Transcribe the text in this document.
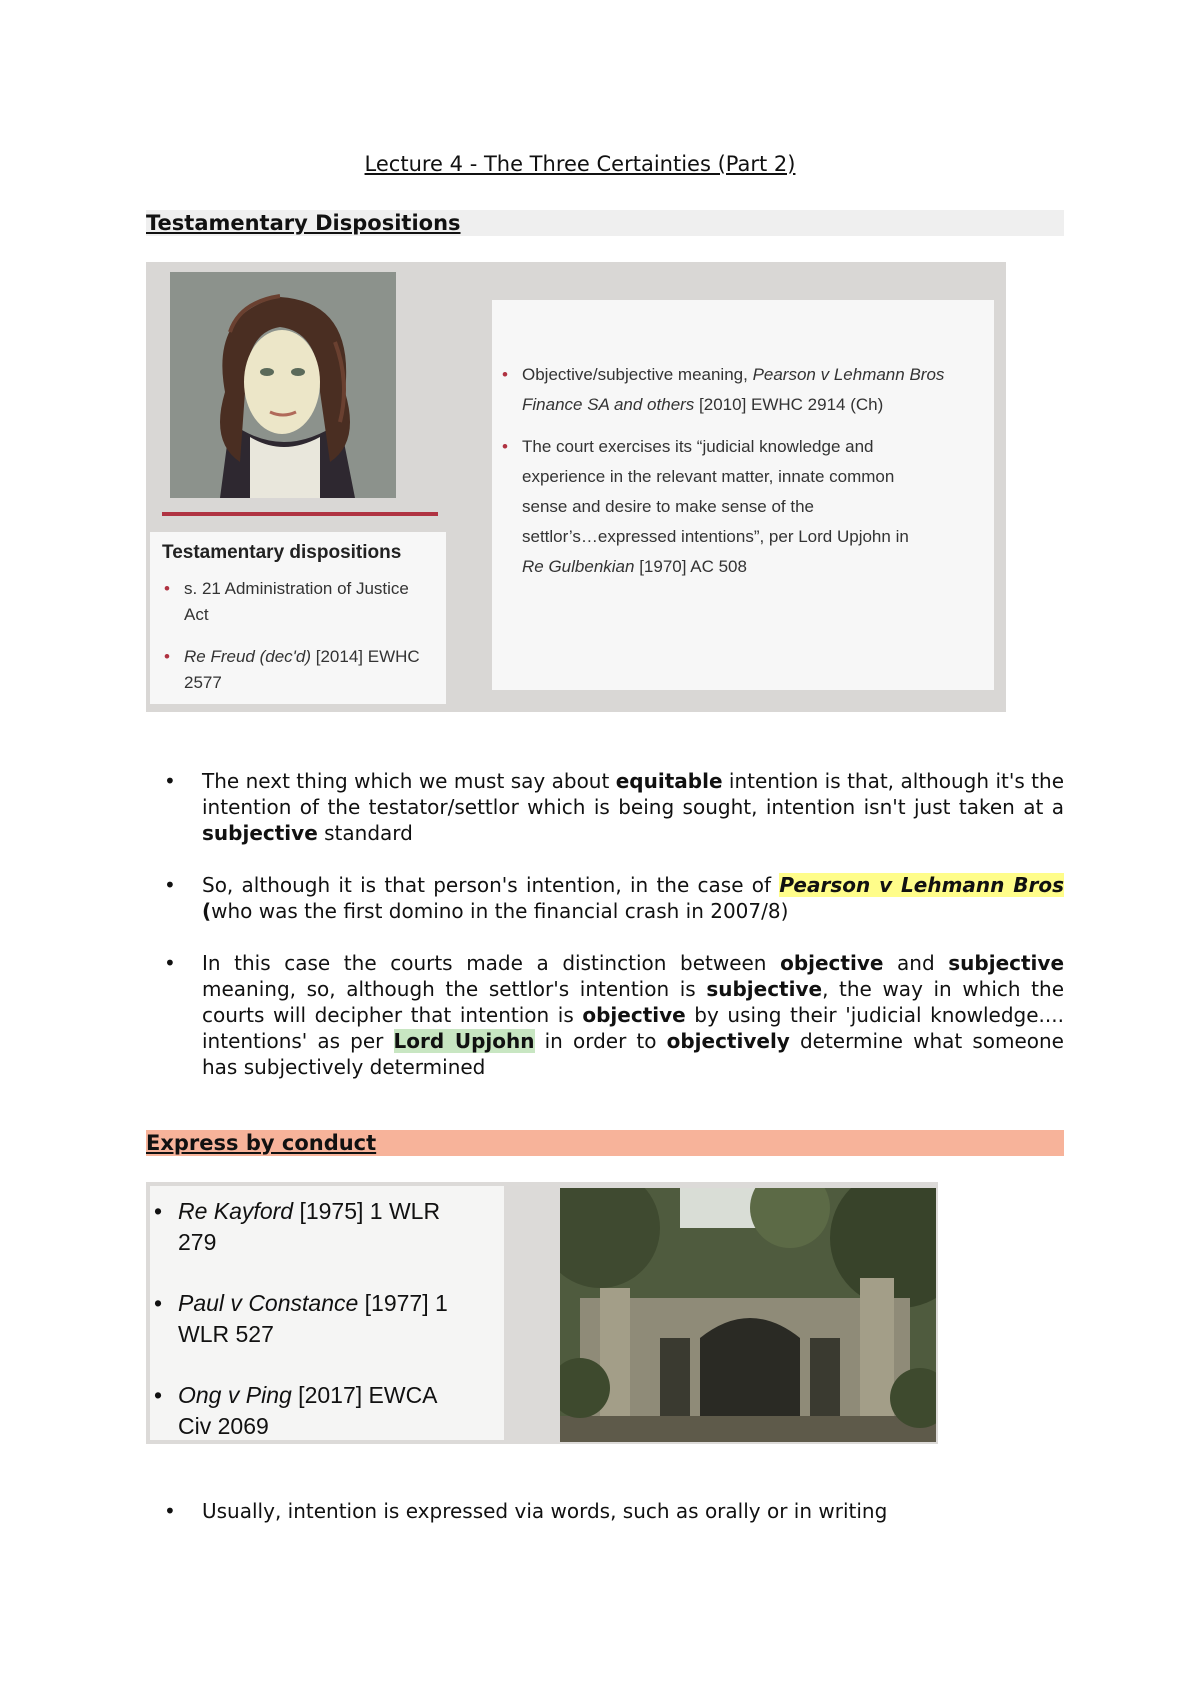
Lecture 4 - The Three Certainties (Part 2)
Testamentary Dispositions
Testamentary dispositions
• s. 21 Administration of Justice
Act
• Re Freud (dec'd) [2014] EWHC
2577
• Objective/subjective meaning, Pearson v Lehmann Bros
Finance SA and others [2010] EWHC 2914 (Ch)
• The court exercises its “judicial knowledge and
experience in the relevant matter, innate common
sense and desire to make sense of the
settlor’s…expressed intentions”, per Lord Upjohn in
Re Gulbenkian [1970] AC 508
• The next thing which we must say about equitable intention is that, although it's the intention of the testator/settlor which is being sought, intention isn't just taken at a subjective standard
• So, although it is that person's intention, in the case of Pearson v Lehmann Bros (who was the first domino in the financial crash in 2007/8)
• In this case the courts made a distinction between objective and subjective meaning, so, although the settlor's intention is subjective, the way in which the courts will decipher that intention is objective by using their 'judicial knowledge.... intentions' as per Lord Upjohn in order to objectively determine what someone has subjectively determined
Express by conduct
• Re Kayford [1975] 1 WLR
279
• Paul v Constance [1977] 1
WLR 527
• Ong v Ping [2017] EWCA
Civ 2069
• Usually, intention is expressed via words, such as orally or in writing
